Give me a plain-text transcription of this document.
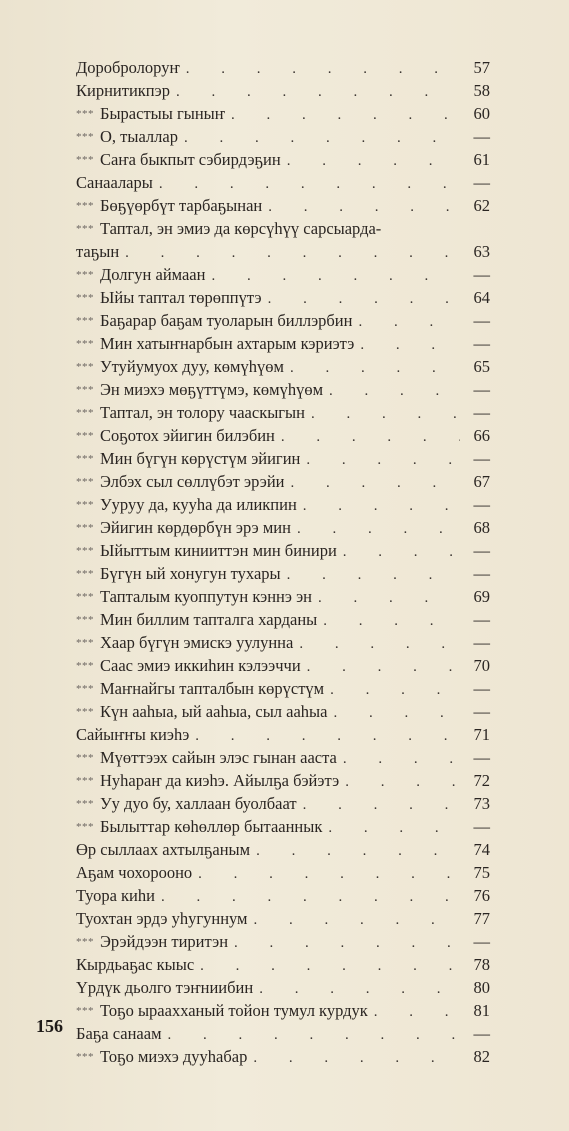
Доробролоруҥ . . .	57
Кирнитикпэр . . .	58
*** Бырастыы гыныҥ . . .	60
*** О, тыаллар . . .	—
*** Саҥа быкпыт сэбирдэҕин . . .	61
Санаалары . . .	—
*** Бөҕүөрбүт тарбаҕынан . . .	62
*** Таптал, эн эмиэ да көрсүһүү сарсыарда-
таҕын . . .	63
*** Долгун аймаан . . .	—
*** Ыйы таптал төрөппүтэ . . .	64
*** Баҕарар баҕам туоларын биллэрбин . . .	—
*** Мин хатыҥнарбын ахтарым кэриэтэ . . .	—
*** Утуйумуох дуу, көмүһүөм . . .	65
*** Эн миэхэ мөҕүттүмэ, көмүһүөм . . .	—
*** Таптал, эн толору чааскыгын . . .	—
*** Соҕотох эйигин билэбин . . .	66
*** Мин бүгүн көрүстүм эйигин . . .	—
*** Элбэх сыл сөллүбэт эрэйи . . .	67
*** Ууруу да, кууһа да иликпин . . .	—
*** Эйигин көрдөрбүн эрэ мин . . .	68
*** Ыйыттым кинииттэн мин бинири . . .	—
*** Бүгүн ый хонугун тухары . . .	—
*** Тапталым куоппутун кэннэ эн . . .	69
*** Мин биллим тапталга харданы . . .	—
*** Хаар бүгүн эмискэ уулунна . . .	—
*** Саас эмиэ иккиһин кэлээччи . . .	70
*** Маҥнайгы тапталбын көрүстүм . . .	—
*** Күн ааһыа, ый ааһыа, сыл ааһыа . . .	—
Сайыҥҥы киэһэ . . .	71
*** Мүөттээх сайын элэс гынан ааста . . .	—
*** Нуһараҥ да киэһэ. Айылҕа бэйэтэ . . .	72
*** Уу дуо бу, халлаан буолбаат . . .	73
*** Былыттар көһөллөр бытааннык . . .	—
Өр сыллаах ахтылҕаным . . .	74
Аҕам чохороонo . . .	75
Туора киһи . . .	76
Туохтан эрдэ уһугуннум . . .	77
*** Эрэйдээн тиритэн . . .	—
Кырдьаҕас кыыс . . .	78
Үрдүк дьолго тэҥниибин . . .	80
*** Тоҕо ыраахханый тойон тумул курдук . . .	81
Баҕа санаам . . .	—
*** Тоҕо миэхэ дууһабар . . .	82
156
